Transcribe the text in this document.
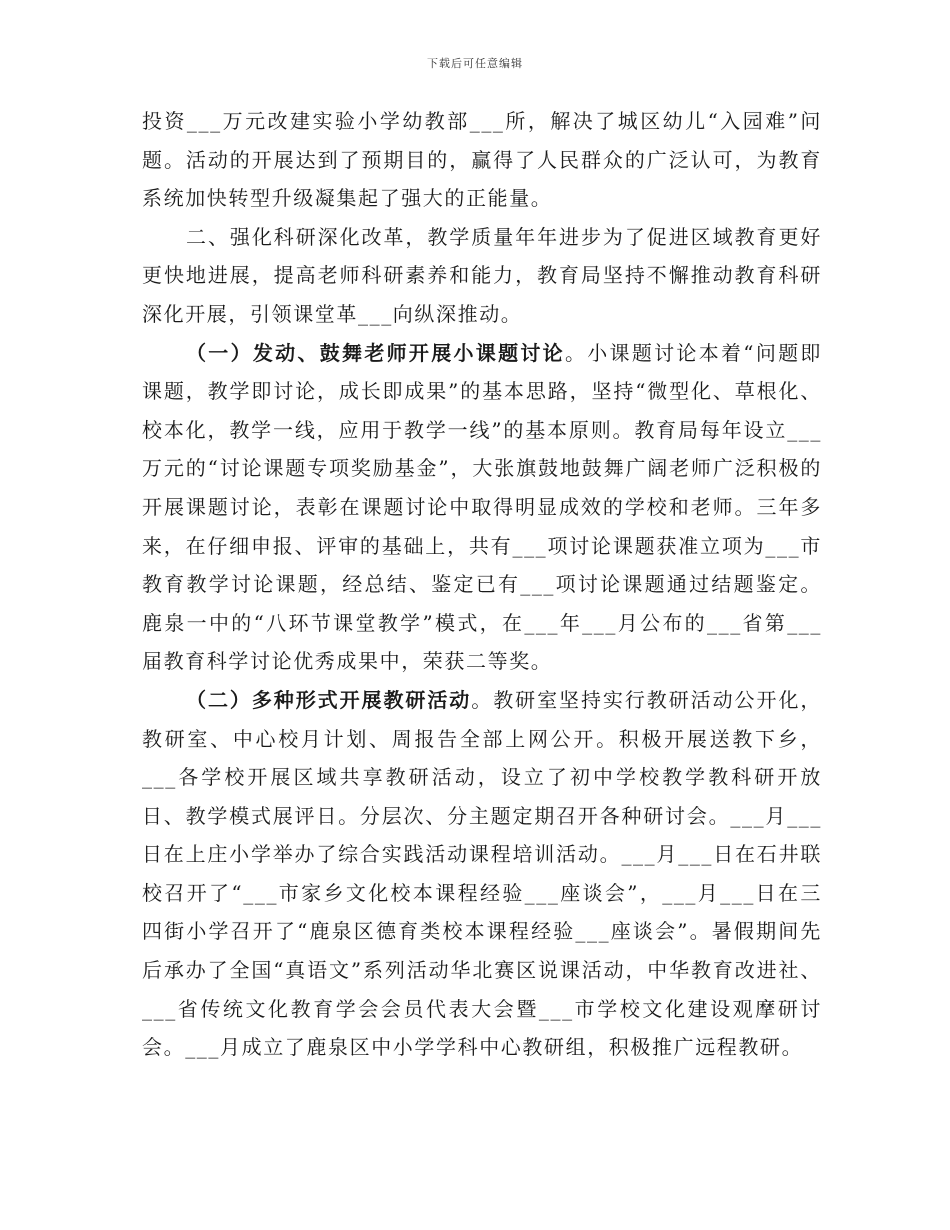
下载后可任意编辑

投资___万元改建实验小学幼教部___所，解决了城区幼儿“入园难”问题。活动的开展达到了预期目的，赢得了人民群众的广泛认可，为教育系统加快转型升级凝集起了强大的正能量。

二、强化科研深化改革，教学质量年年进步为了促进区域教育更好更快地进展，提高老师科研素养和能力，教育局坚持不懈推动教育科研深化开展，引领课堂革___向纵深推动。

（一）发动、鼓舞老师开展小课题讨论。小课题讨论本着“问题即课题，教学即讨论，成长即成果”的基本思路，坚持“微型化、草根化、校本化，教学一线，应用于教学一线”的基本原则。教育局每年设立___万元的“讨论课题专项奖励基金”，大张旗鼓地鼓舞广阔老师广泛积极的开展课题讨论，表彰在课题讨论中取得明显成效的学校和老师。三年多来，在仔细申报、评审的基础上，共有___项讨论课题获准立项为___市教育教学讨论课题，经总结、鉴定已有___项讨论课题通过结题鉴定。鹿泉一中的“八环节课堂教学”模式，在___年___月公布的___省第___届教育科学讨论优秀成果中，荣获二等奖。

（二）多种形式开展教研活动。教研室坚持实行教研活动公开化，教研室、中心校月计划、周报告全部上网公开。积极开展送教下乡，___各学校开展区域共享教研活动，设立了初中学校教学教科研开放日、教学模式展评日。分层次、分主题定期召开各种研讨会。___月___日在上庄小学举办了综合实践活动课程培训活动。___月___日在石井联校召开了“___市家乡文化校本课程经验___座谈会”，___月___日在三四街小学召开了“鹿泉区德育类校本课程经验___座谈会”。暑假期间先后承办了全国“真语文”系列活动华北赛区说课活动，中华教育改进社、___省传统文化教育学会会员代表大会暨___市学校文化建设观摩研讨会。___月成立了鹿泉区中小学学科中心教研组，积极推广远程教研。
